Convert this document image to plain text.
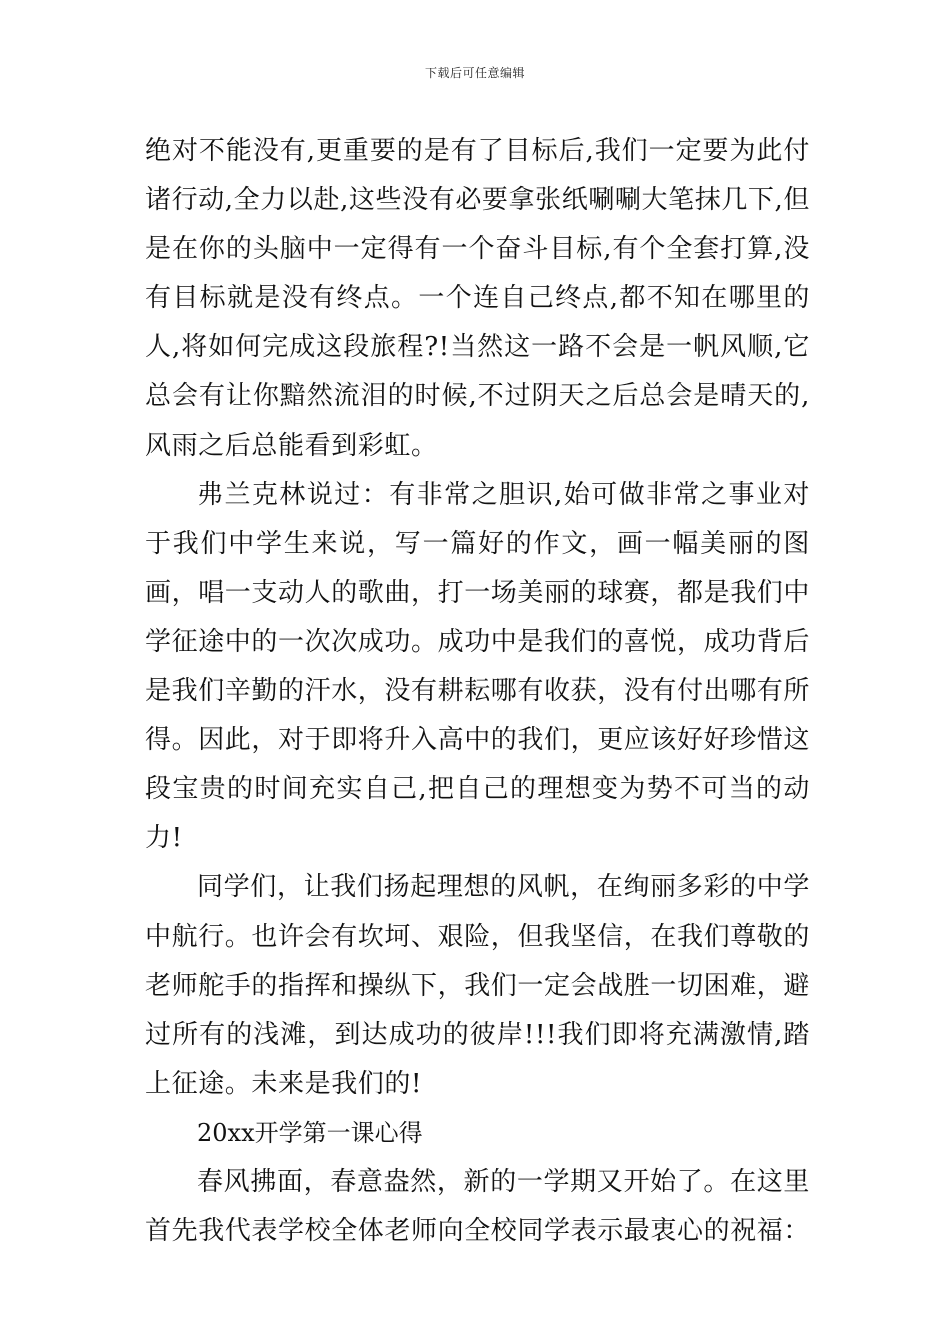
下载后可任意编辑

绝对不能没有,更重要的是有了目标后,我们一定要为此付诸行动,全力以赴,这些没有必要拿张纸唰唰大笔抹几下,但是在你的头脑中一定得有一个奋斗目标,有个全套打算,没有目标就是没有终点。一个连自己终点,都不知在哪里的人,将如何完成这段旅程?!当然这一路不会是一帆风顺,它总会有让你黯然流泪的时候,不过阴天之后总会是晴天的,风雨之后总能看到彩虹。

弗兰克林说过：有非常之胆识,始可做非常之事业对于我们中学生来说，写一篇好的作文，画一幅美丽的图画，唱一支动人的歌曲，打一场美丽的球赛，都是我们中学征途中的一次次成功。成功中是我们的喜悦，成功背后是我们辛勤的汗水，没有耕耘哪有收获，没有付出哪有所得。因此，对于即将升入高中的我们，更应该好好珍惜这段宝贵的时间充实自己,把自己的理想变为势不可当的动力!

同学们，让我们扬起理想的风帆，在绚丽多彩的中学中航行。也许会有坎坷、艰险，但我坚信，在我们尊敬的老师舵手的指挥和操纵下，我们一定会战胜一切困难，避过所有的浅滩，到达成功的彼岸!!!我们即将充满激情,踏上征途。未来是我们的!

20xx开学第一课心得

春风拂面，春意盎然，新的一学期又开始了。在这里首先我代表学校全体老师向全校同学表示最衷心的祝福：
